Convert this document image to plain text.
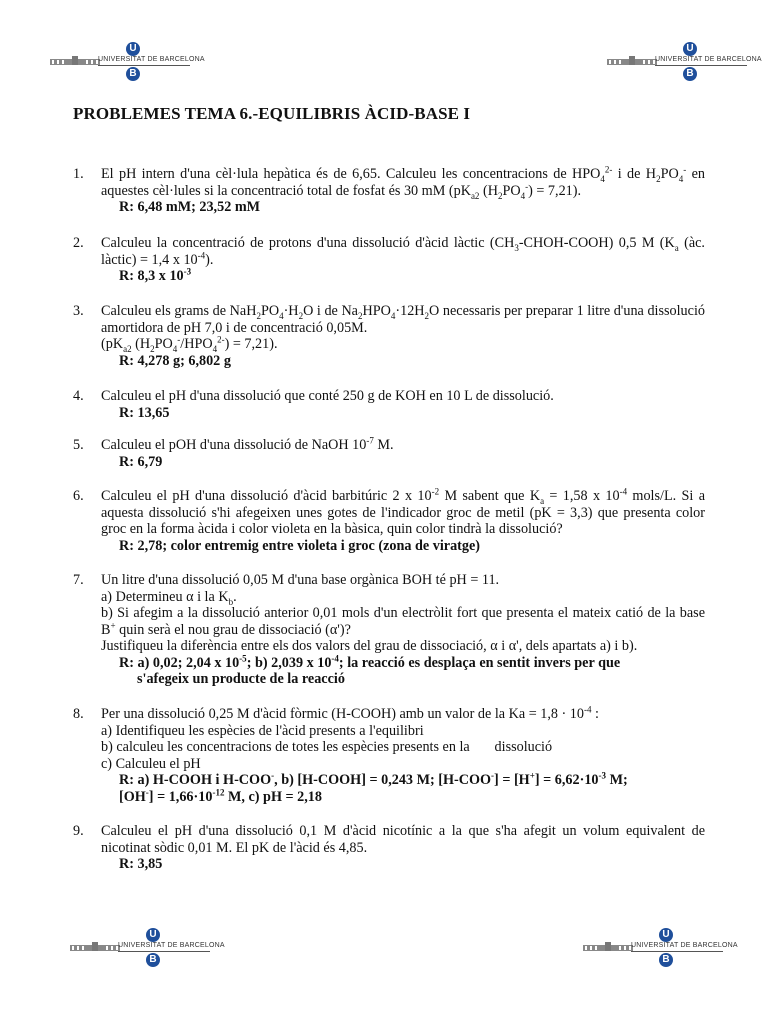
U
UNIVERSITAT DE BARCELONA
B
U
UNIVERSITAT DE BARCELONA
B
PROBLEMES TEMA 6.-EQUILIBRIS ÀCID-BASE I
1. El pH intern d'una cèl·lula hepàtica és de 6,65. Calculeu les concentracions de $HPO_4^{2-}$ i de $H_2PO_4^-$ en aquestes cèl·lules si la concentració total de fosfat és 30 mM ($pK_{a2}$ $(H_2PO_4^-) = 7,21$).
R: 6,48 mM; 23,52 mM
2. Calculeu la concentració de protons d'una dissolució d'àcid làctic $(CH_3-CHOH-COOH)$ 0,5 M ($K_a$ (àc. làctic) = 1,4 x $10^{-4}$).
R: 8,3 x $10^{-3}$
3. Calculeu els grams de $NaH_2PO_4\cdot H_2O$ i de $Na_2HPO_4\cdot 12H_2O$ necessaris per preparar 1 litre d'una dissolució amortidora de pH 7,0 i de concentració 0,05M.
($pK_{a2}$ $(H_2PO_4^-/HPO_4^{2-}) = 7,21$).
R: 4,278 g; 6,802 g
4. Calculeu el pH d'una dissolució que conté 250 g de KOH en 10 L de dissolució.
R: 13,65
5. Calculeu el pOH d'una dissolució de NaOH $10^{-7}$ M.
R: 6,79
6. Calculeu el pH d'una dissolució d'àcid barbitúric 2 x $10^{-2}$ M sabent que $K_a = 1,58$ x $10^{-4}$ mols/L. Si a aquesta dissolució s'hi afegeixen unes gotes de l'indicador groc de metil (pK = 3,3) que presenta color groc en la forma àcida i color violeta en la bàsica, quin color tindrà la dissolució?
R: 2,78; color entremig entre violeta i groc (zona de viratge)
7. Un litre d'una dissolució 0,05 M d'una base orgànica BOH té pH = 11.
a) Determineu α i la $K_b$.
b) Si afegim a la dissolució anterior 0,01 mols d'un electròlit fort que presenta el mateix catió de la base B+ quin serà el nou grau de dissociació (α')?
Justifiqueu la diferència entre els dos valors del grau de dissociació, α i α', dels apartats a) i b).
R: a) 0,02; 2,04 x $10^{-5}$; b) 2,039 x $10^{-4}$; la reacció es desplaça en sentit invers per que
s'afegeix un producte de la reacció
8. Per una dissolució 0,25 M d'àcid fòrmic (H-COOH) amb un valor de la $Ka = 1,8 \cdot 10^{-4}$ :
a) Identifiqueu les espècies de l'àcid presents a l'equilibri
b) calculeu les concentracions de totes les espècies presents en la       dissolució
c) Calculeu el pH
R: a) H-COOH i H-COO-, b) [H-COOH] = 0,243 M; $[H-COO^-] = [H^+] = 6,62\cdot 10^{-3}$ M;
$[OH^-] = 1,66\cdot 10^{-12}$ M, c) pH = 2,18
9. Calculeu el pH d'una dissolució 0,1 M d'àcid nicotínic a la que s'ha afegit un volum equivalent de nicotinat sòdic 0,01 M. El pK de l'àcid és 4,85.
R: 3,85
U
UNIVERSITAT DE BARCELONA
B
U
UNIVERSITAT DE BARCELONA
B
